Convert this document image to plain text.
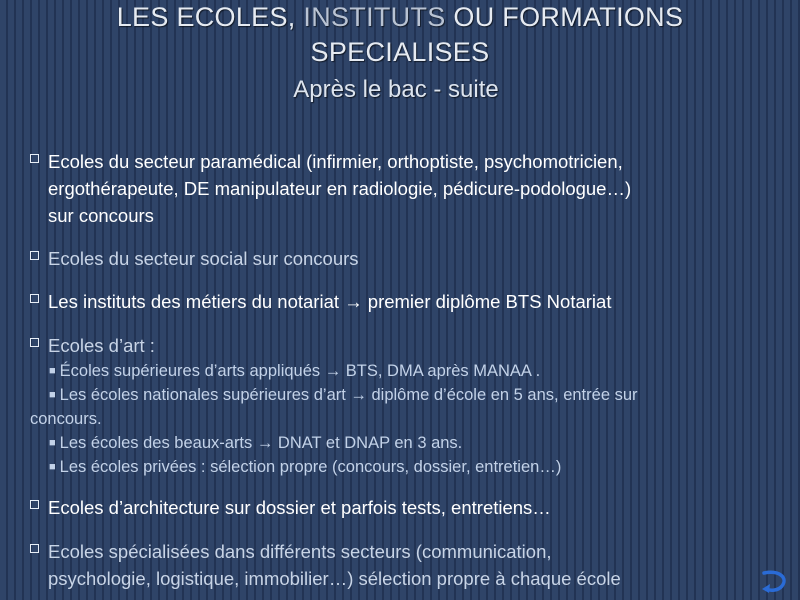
LES ECOLES, INSTITUTS OU FORMATIONS
SPECIALISES
Après le bac - suite
Ecoles du secteur paramédical (infirmier, orthoptiste, psychomotricien,
ergothérapeute, DE manipulateur en radiologie, pédicure-podologue…)
sur concours
Ecoles du secteur social sur concours
Les instituts des métiers du notariat → premier diplôme BTS Notariat
Ecoles d’art :
■ Écoles supérieures d’arts appliqués → BTS, DMA après MANAA .
■ Les écoles nationales supérieures d’art → diplôme d’école en 5 ans, entrée sur
concours.
■ Les écoles des beaux-arts → DNAT et DNAP en 3 ans.
■ Les écoles privées : sélection propre (concours, dossier, entretien…)
Ecoles d’architecture sur dossier et parfois tests, entretiens…
Ecoles spécialisées dans différents secteurs (communication,
psychologie, logistique, immobilier…) sélection propre à chaque école
